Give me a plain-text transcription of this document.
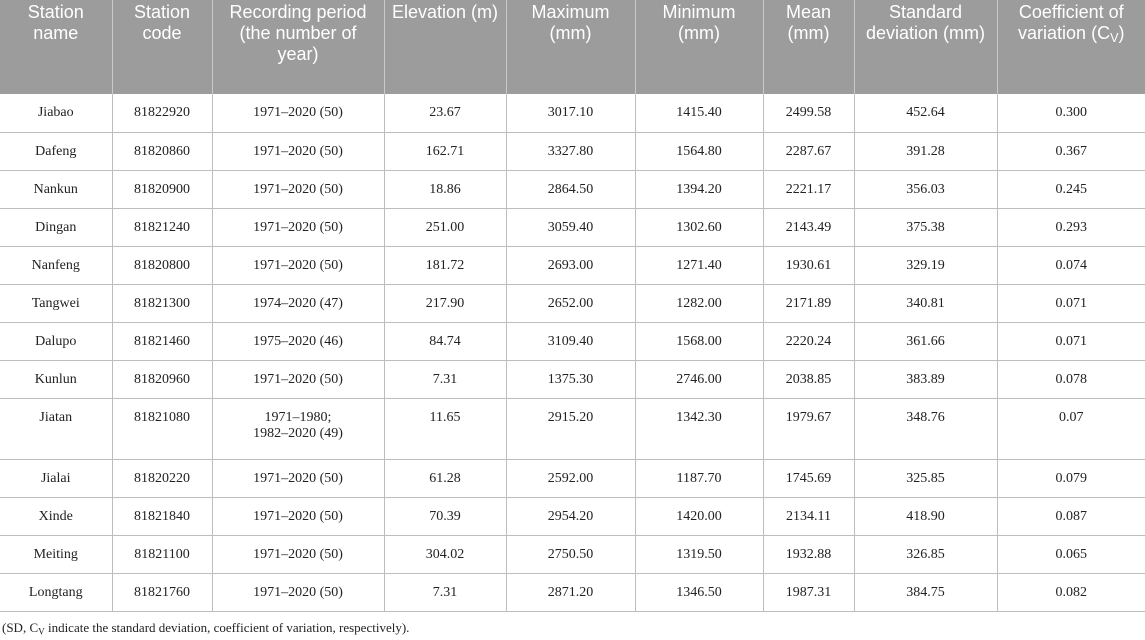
Station name	Station code	Recording period (the number of year)	Elevation (m)	Maximum (mm)	Minimum (mm)	Mean (mm)	Standard deviation (mm)	Coefficient of variation $(C_V)$
Jiabao	81822920	1971–2020 (50)	23.67	3017.10	1415.40	2499.58	452.64	0.300
Dafeng	81820860	1971–2020 (50)	162.71	3327.80	1564.80	2287.67	391.28	0.367
Nankun	81820900	1971–2020 (50)	18.86	2864.50	1394.20	2221.17	356.03	0.245
Dingan	81821240	1971–2020 (50)	251.00	3059.40	1302.60	2143.49	375.38	0.293
Nanfeng	81820800	1971–2020 (50)	181.72	2693.00	1271.40	1930.61	329.19	0.074
Tangwei	81821300	1974–2020 (47)	217.90	2652.00	1282.00	2171.89	340.81	0.071
Dalupo	81821460	1975–2020 (46)	84.74	3109.40	1568.00	2220.24	361.66	0.071
Kunlun	81820960	1971–2020 (50)	7.31	1375.30	2746.00	2038.85	383.89	0.078
Jiatan	81821080	1971–1980;
1982–2020 (49)	11.65	2915.20	1342.30	1979.67	348.76	0.07
Jialai	81820220	1971–2020 (50)	61.28	2592.00	1187.70	1745.69	325.85	0.079
Xinde	81821840	1971–2020 (50)	70.39	2954.20	1420.00	2134.11	418.90	0.087
Meiting	81821100	1971–2020 (50)	304.02	2750.50	1319.50	1932.88	326.85	0.065
Longtang	81821760	1971–2020 (50)	7.31	2871.20	1346.50	1987.31	384.75	0.082
(SD, $C_V$ indicate the standard deviation, coefficient of variation, respectively).
